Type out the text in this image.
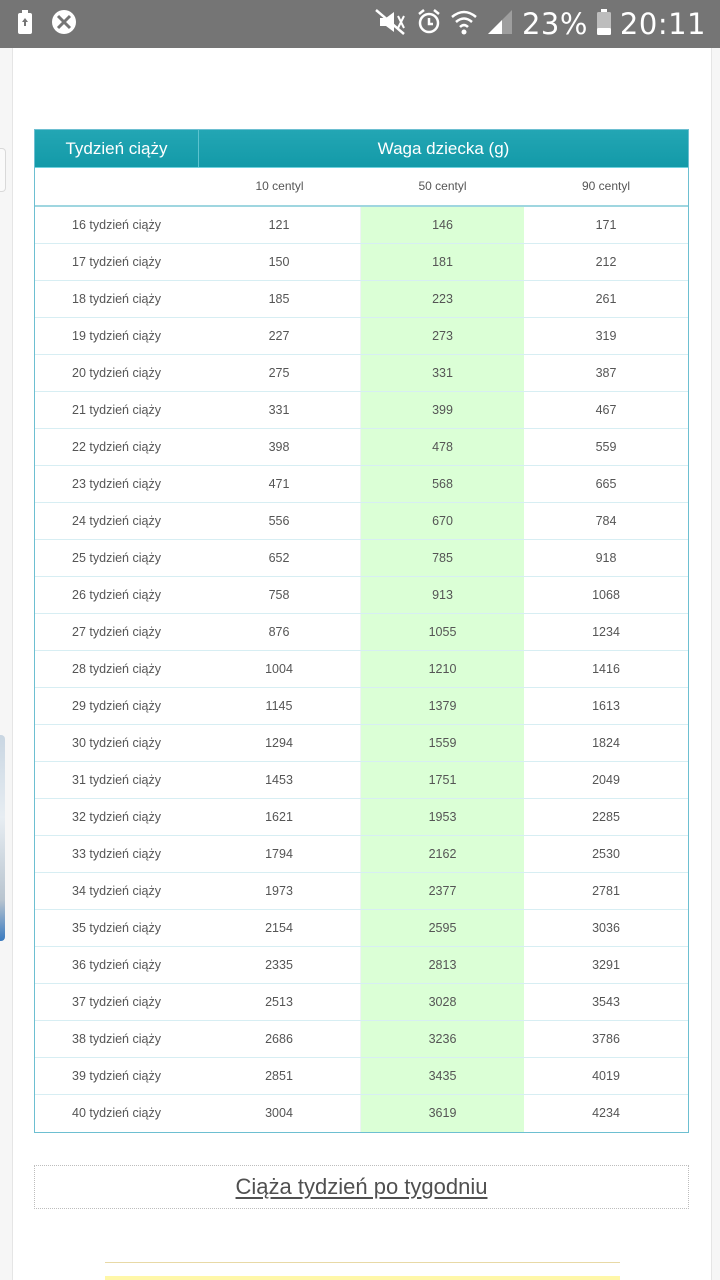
23% 20:11
Tydzień ciąży	Waga dziecka (g)
10 centyl	50 centyl	90 centyl
16 tydzień ciąży	121	146	171
17 tydzień ciąży	150	181	212
18 tydzień ciąży	185	223	261
19 tydzień ciąży	227	273	319
20 tydzień ciąży	275	331	387
21 tydzień ciąży	331	399	467
22 tydzień ciąży	398	478	559
23 tydzień ciąży	471	568	665
24 tydzień ciąży	556	670	784
25 tydzień ciąży	652	785	918
26 tydzień ciąży	758	913	1068
27 tydzień ciąży	876	1055	1234
28 tydzień ciąży	1004	1210	1416
29 tydzień ciąży	1145	1379	1613
30 tydzień ciąży	1294	1559	1824
31 tydzień ciąży	1453	1751	2049
32 tydzień ciąży	1621	1953	2285
33 tydzień ciąży	1794	2162	2530
34 tydzień ciąży	1973	2377	2781
35 tydzień ciąży	2154	2595	3036
36 tydzień ciąży	2335	2813	3291
37 tydzień ciąży	2513	3028	3543
38 tydzień ciąży	2686	3236	3786
39 tydzień ciąży	2851	3435	4019
40 tydzień ciąży	3004	3619	4234
Ciąża tydzień po tygodniu
